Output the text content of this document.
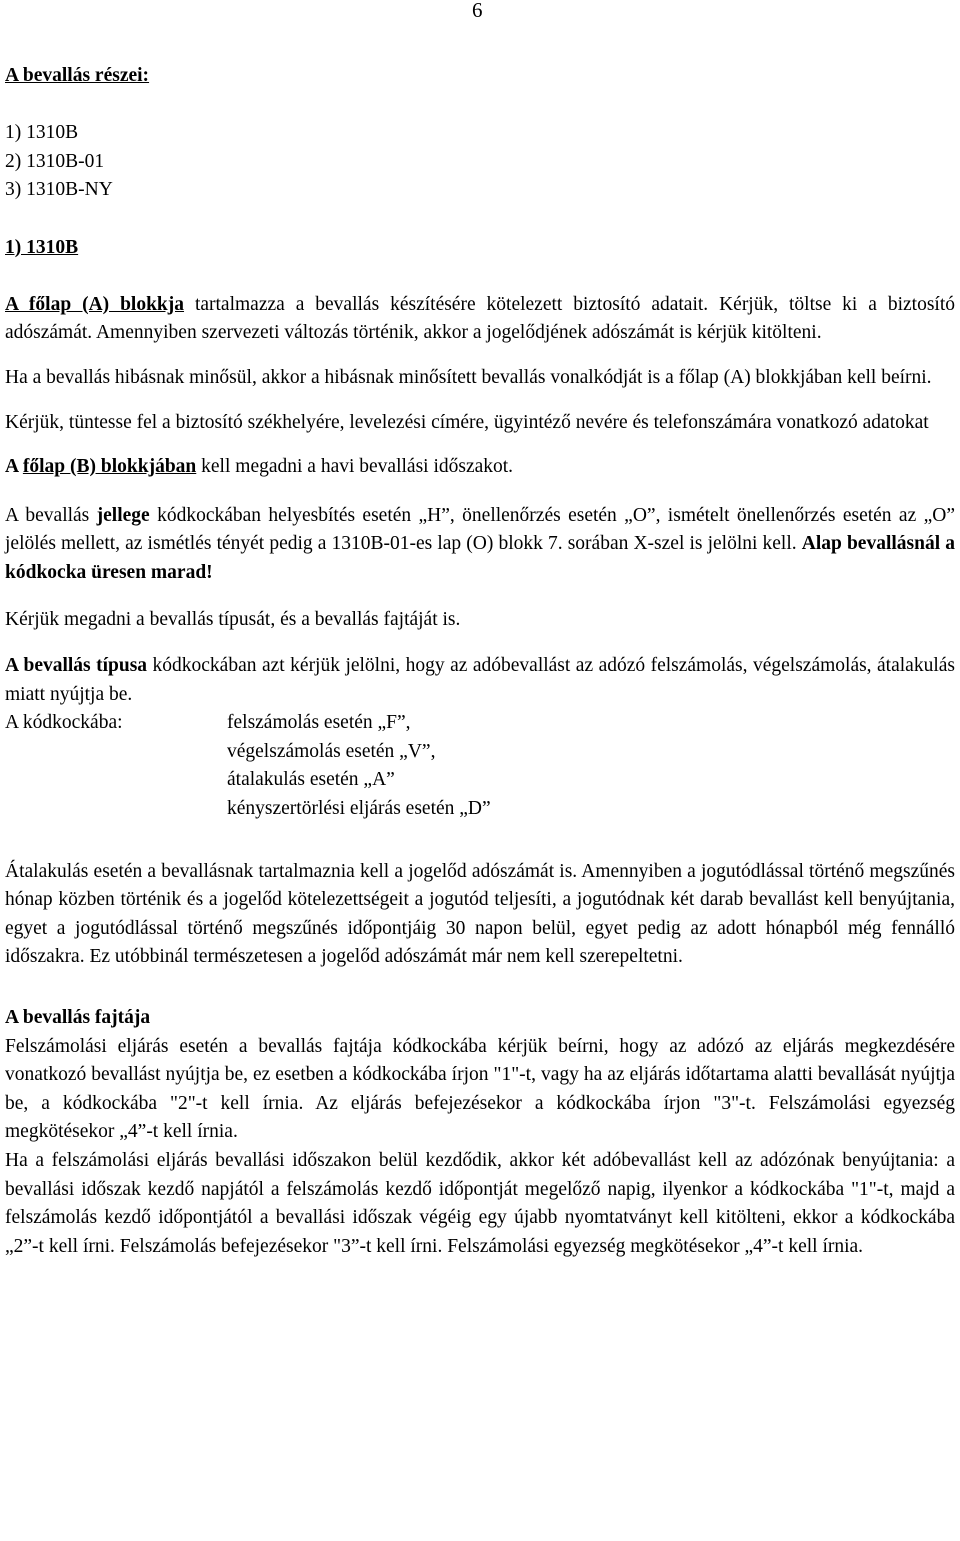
6

A bevallás részei:

1) 1310B

2) 1310B-01

3) 1310B-NY

1) 1310B

A főlap (A) blokkja tartalmazza a bevallás készítésére kötelezett biztosító adatait. Kérjük, töltse ki a biztosító adószámát. Amennyiben szervezeti változás történik, akkor a jogelődjének adószámát is kérjük kitölteni.

Ha a bevallás hibásnak minősül, akkor a hibásnak minősített bevallás vonalkódját is a főlap (A) blokkjában kell beírni.

Kérjük, tüntesse fel a biztosító székhelyére, levelezési címére, ügyintéző nevére és telefonszámára vonatkozó adatokat

A főlap (B) blokkjában kell megadni a havi bevallási időszakot.

A bevallás jellege kódkockában helyesbítés esetén „H”, önellenőrzés esetén „O”, ismételt önellenőrzés esetén az „O” jelölés mellett, az ismétlés tényét pedig a 1310B-01-es lap (O) blokk 7. sorában X-szel is jelölni kell. Alap bevallásnál a kódkocka üresen marad!

Kérjük megadni a bevallás típusát, és a bevallás fajtáját is.

A bevallás típusa kódkockában azt kérjük jelölni, hogy az adóbevallást az adózó felszámolás, végelszámolás, átalakulás miatt nyújtja be.

A kódkockába:	felszámolás esetén „F”,
végelszámolás esetén „V”,
átalakulás esetén „A”
kényszertörlési eljárás esetén „D”

Átalakulás esetén a bevallásnak tartalmaznia kell a jogelőd adószámát is. Amennyiben a jogutódlással történő megszűnés hónap közben történik és a jogelőd kötelezettségeit a jogutód teljesíti, a jogutódnak két darab bevallást kell benyújtania, egyet a jogutódlással történő megszűnés időpontjáig 30 napon belül, egyet pedig az adott hónapból még fennálló időszakra. Ez utóbbinál természetesen a jogelőd adószámát már nem kell szerepeltetni.

A bevallás fajtája

Felszámolási eljárás esetén a bevallás fajtája kódkockába kérjük beírni, hogy az adózó az eljárás megkezdésére vonatkozó bevallást nyújtja be, ez esetben a kódkockába írjon "1"-t, vagy ha az eljárás időtartama alatti bevallását nyújtja be, a kódkockába "2"-t kell írnia. Az eljárás befejezésekor a kódkockába írjon "3"-t. Felszámolási egyezség megkötésekor „4”-t kell írnia.

Ha a felszámolási eljárás bevallási időszakon belül kezdődik, akkor két adóbevallást kell az adózónak benyújtania: a bevallási időszak kezdő napjától a felszámolás kezdő időpontját megelőző napig, ilyenkor a kódkockába "1"-t, majd a felszámolás kezdő időpontjától a bevallási időszak végéig egy újabb nyomtatványt kell kitölteni, ekkor a kódkockába „2”-t kell írni. Felszámolás befejezésekor "3”-t kell írni. Felszámolási egyezség megkötésekor „4”-t kell írnia.
